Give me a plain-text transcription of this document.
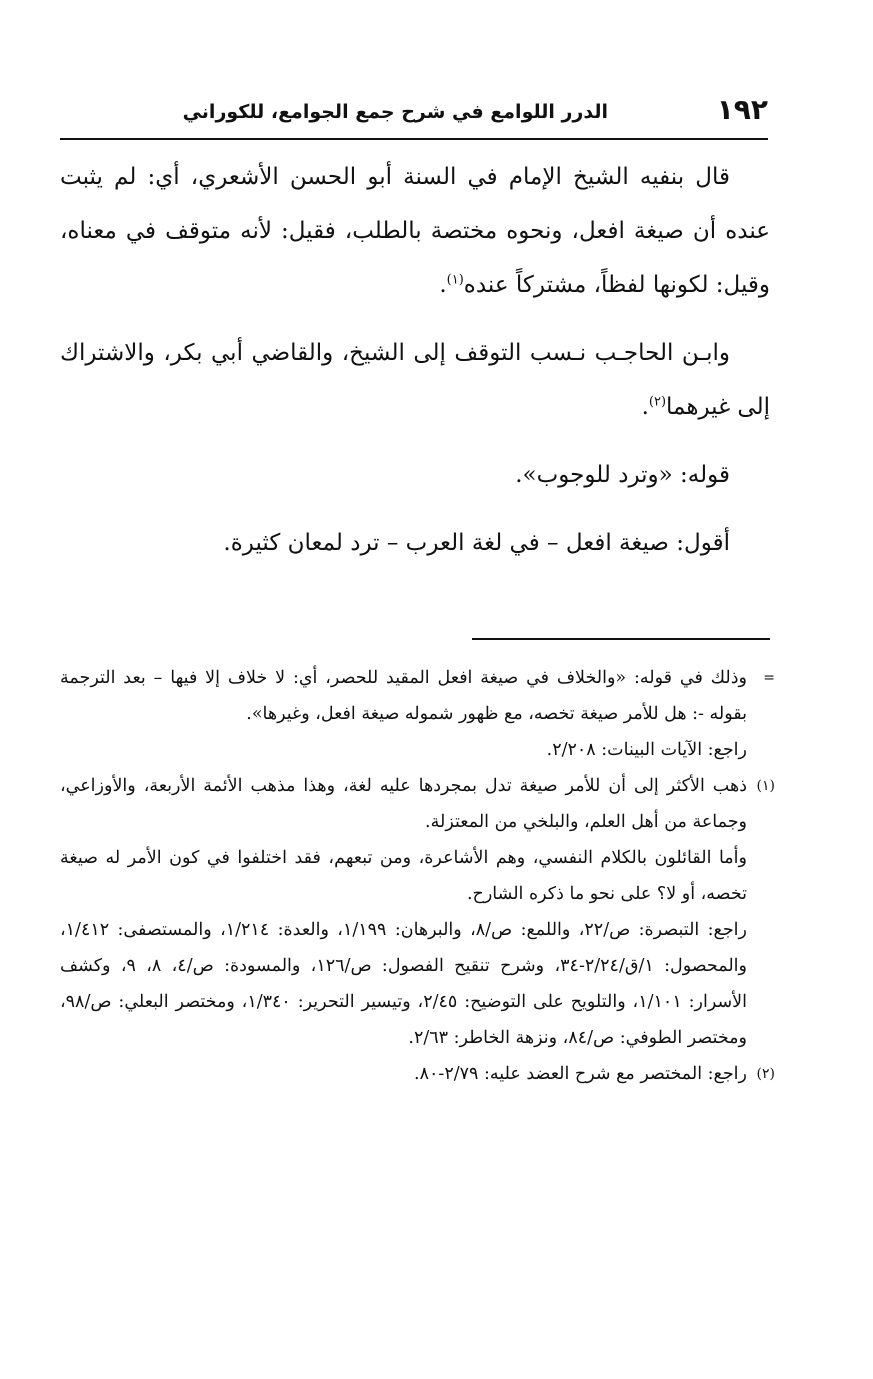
١٩٢
الدرر اللوامع في شرح جمع الجوامع، للكوراني

قال بنفيه الشيخ الإمام في السنة أبو الحسن الأشعري، أي: لم يثبت عنده أن صيغة افعل، ونحوه مختصة بالطلب، فقيل: لأنه متوقف في معناه، وقيل: لكونها لفظاً، مشتركاً عنده$^{(١)}$.

وابـن الحاجـب نـسب التوقف إلى الشيخ، والقاضي أبي بكر، والاشتراك إلى غيرهما$^{(٢)}$.

قوله: «وترد للوجوب».

أقول: صيغة افعل – في لغة العرب – ترد لمعان كثيرة.

=

وذلك في قوله: «والخلاف في صيغة افعل المقيد للحصر، أي: لا خلاف إلا فيها – بعد الترجمة بقوله -: هل للأمر صيغة تخصه، مع ظهور شموله صيغة افعل، وغيرها».

راجع: الآيات البينات: ٢/٢٠٨.

(١)

ذهب الأكثر إلى أن للأمر صيغة تدل بمجردها عليه لغة، وهذا مذهب الأئمة الأربعة، والأوزاعي، وجماعة من أهل العلم، والبلخي من المعتزلة.

وأما القائلون بالكلام النفسي، وهم الأشاعرة، ومن تبعهم، فقد اختلفوا في كون الأمر له صيغة تخصه، أو لا؟ على نحو ما ذكره الشارح.

راجع: التبصرة: ص/٢٢، واللمع: ص/٨، والبرهان: ١/١٩٩، والعدة: ١/٢١٤، والمستصفى: ١/٤١٢، والمحصول: ١/ق/٢/٢٤-٣٤، وشرح تنقيح الفصول: ص/١٢٦، والمسودة: ص/٤، ٨، ٩، وكشف الأسرار: ١/١٠١، والتلويح على التوضيح: ٢/٤٥، وتيسير التحرير: ١/٣٤٠، ومختصر البعلي: ص/٩٨، ومختصر الطوفي: ص/٨٤، ونزهة الخاطر: ٢/٦٣.

(٢)

راجع: المختصر مع شرح العضد عليه: ٢/٧٩-٨٠.
